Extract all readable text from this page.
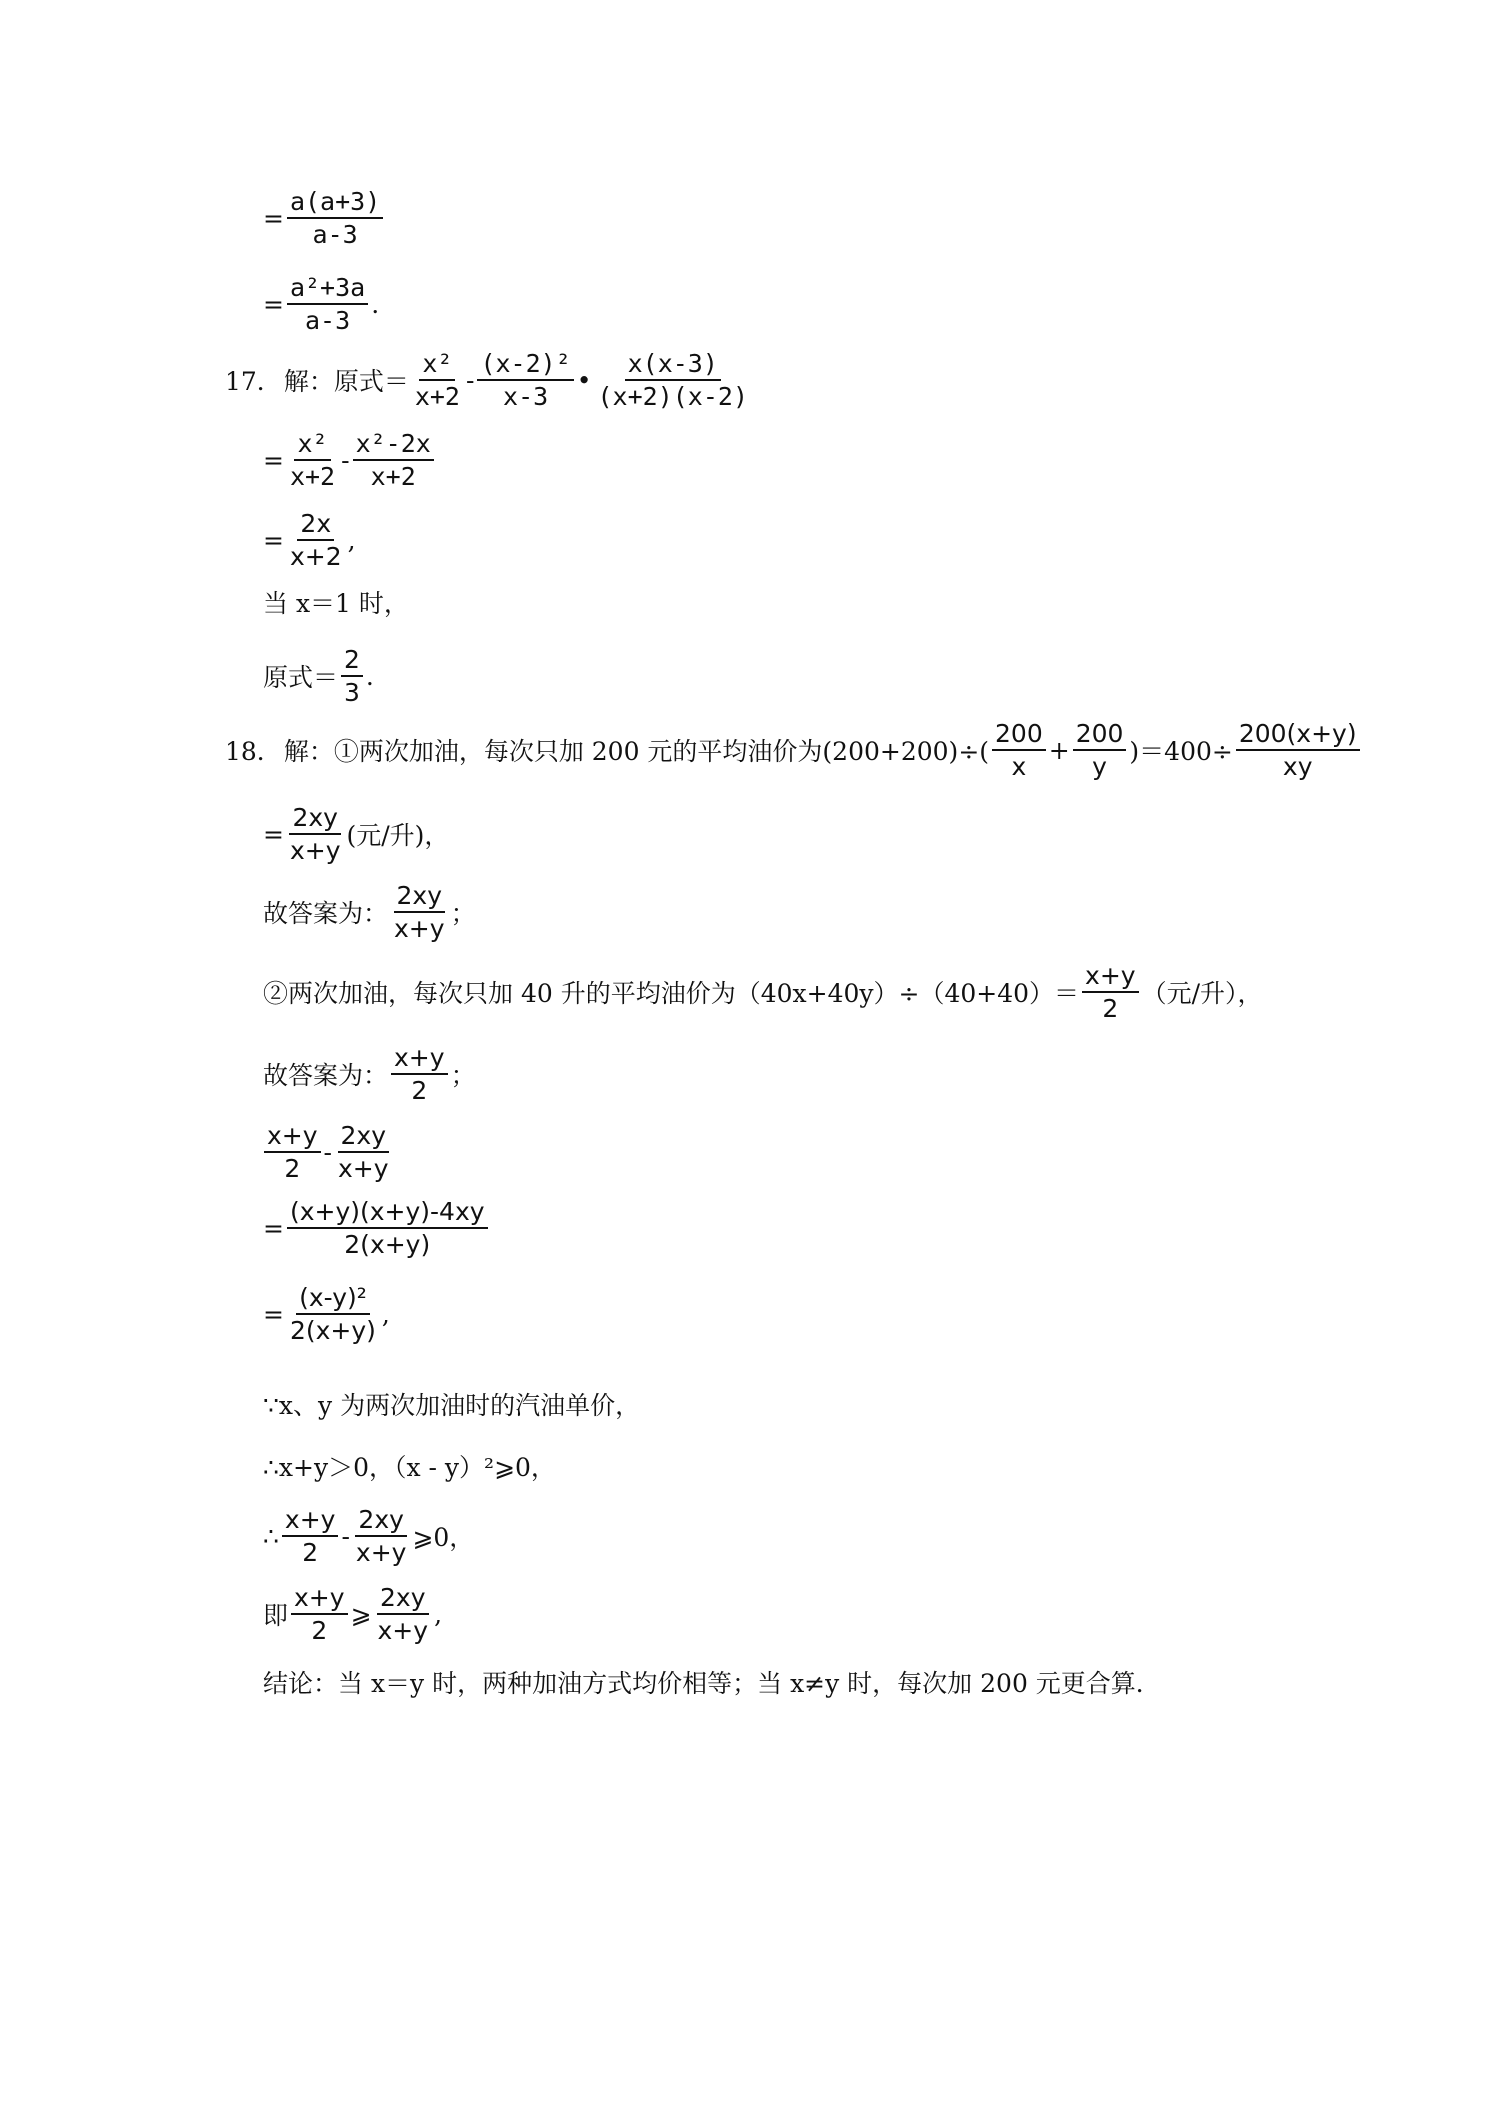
= $\frac{a(a+3)}{a-3}$
= $\frac{\text{a²+3a}}{a-3}$ .
17． 解：原式＝ $\frac{\text{x²}}{x+2} - \frac{\text{(x-2)²}}{x-3}$ • $\frac{x(x-3)}{(x+2)(x-2)}$
= $\frac{\text{x²}}{x+2} - \frac{\text{x²-2x}}{x+2}$
= $\frac{2x}{x+2}$ ,
当 x＝1 时，
原式＝ $\frac{2}{3}$ .
18． 解：①两次加油，每次只加 200 元的平均油价为$(200+200)\div( \frac{200}{x} + \frac{200}{y} )=400\div \frac{200(x+y)}{xy}$
= $\frac{2xy}{x+y}$ (元/升)，
故答案为： $\frac{2xy}{x+y}$ ；
②两次加油，每次只加 40 升的平均油价为$(40x+40y)\div(40+40)= \frac{x+y}{2}$ （元/升），
故答案为： $\frac{x+y}{2}$ ；
$\frac{x+y}{2} - \frac{2xy}{x+y}$
= $\frac{(x+y)(x+y)-4xy}{2(x+y)}$
= $\frac{\text{(x-y)²}}{2(x+y)}$ ,
∵x、y 为两次加油时的汽油单价，
∴x+y＞0，（x - y）²⩾0，
∴ $\frac{x+y}{2} - \frac{2xy}{x+y}$ ⩾0，
即 $\frac{x+y}{2}$ ⩾ $\frac{2xy}{x+y}$ ,
结论：当 x＝y 时，两种加油方式均价相等；当 x≠y 时，每次加 200 元更合算．
